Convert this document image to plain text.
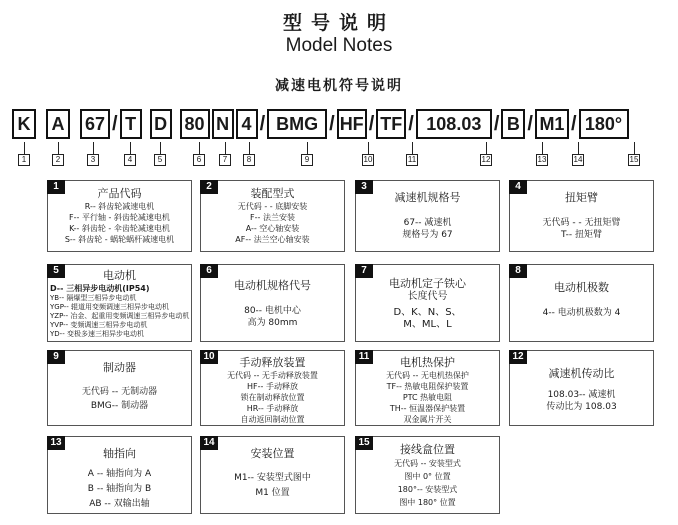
型号说明
Model Notes
减速电机符号说明
K	A	67 / T	D 80 N 4 / BMG / HF / TF / 108.03 / B / M1 / 180°
1	2	3	4	5	6	7	8	9	10	11	12	13	14	15
1
产品代码
R-- 斜齿轮减速电机
F-- 平行轴 - 斜齿轮减速电机
K-- 斜齿轮 - 伞齿轮减速电机
S-- 斜齿轮 - 蜗轮蜗杆减速电机
2
装配型式
无代码 - - 底脚安装
F-- 法兰安装
A-- 空心轴安装
AF-- 法兰空心轴安装
3
减速机规格号
67-- 减速机
规格号为 67
4
扭矩臂
无代码 - - 无扭矩臂
T-- 扭矩臂
5	电动机
D-- 三相异步电动机(IP54)
YB-- 隔爆型三相异步电动机
YGP-- 辊道用变频调速三相异步电动机
YZP-- 冶金、起重用变频调速三相异步电动机
YVP-- 变频调速三相异步电动机
YD-- 变极多速三相异步电动机
6
电动机规格代号
80-- 电机中心
高为 80mm
7
电动机定子铁心
长度代号
D、K、N、S、
M、ML、L
8
电动机极数
4-- 电动机极数为 4
9
制动器
无代码 -- 无制动器
BMG-- 制动器
10	手动释放装置
无代码 -- 无手动释放装置
HF-- 手动释放
锁在制动释放位置
HR-- 手动释放
自动返回制动位置
11	电机热保护
无代码 -- 无电机热保护
TF-- 热敏电阻保护装置
PTC 热敏电阻
TH-- 恒温器保护装置
双金属片开关
12
减速机传动比
108.03-- 减速机
传动比为 108.03
13
轴指向
A -- 轴指向为 A
B -- 轴指向为 B
AB -- 双输出轴
14
安装位置
M1-- 安装型式图中
M1 位置
15
接线盒位置
无代码 -- 安装型式
图中 0° 位置
180°-- 安装型式
图中 180° 位置
